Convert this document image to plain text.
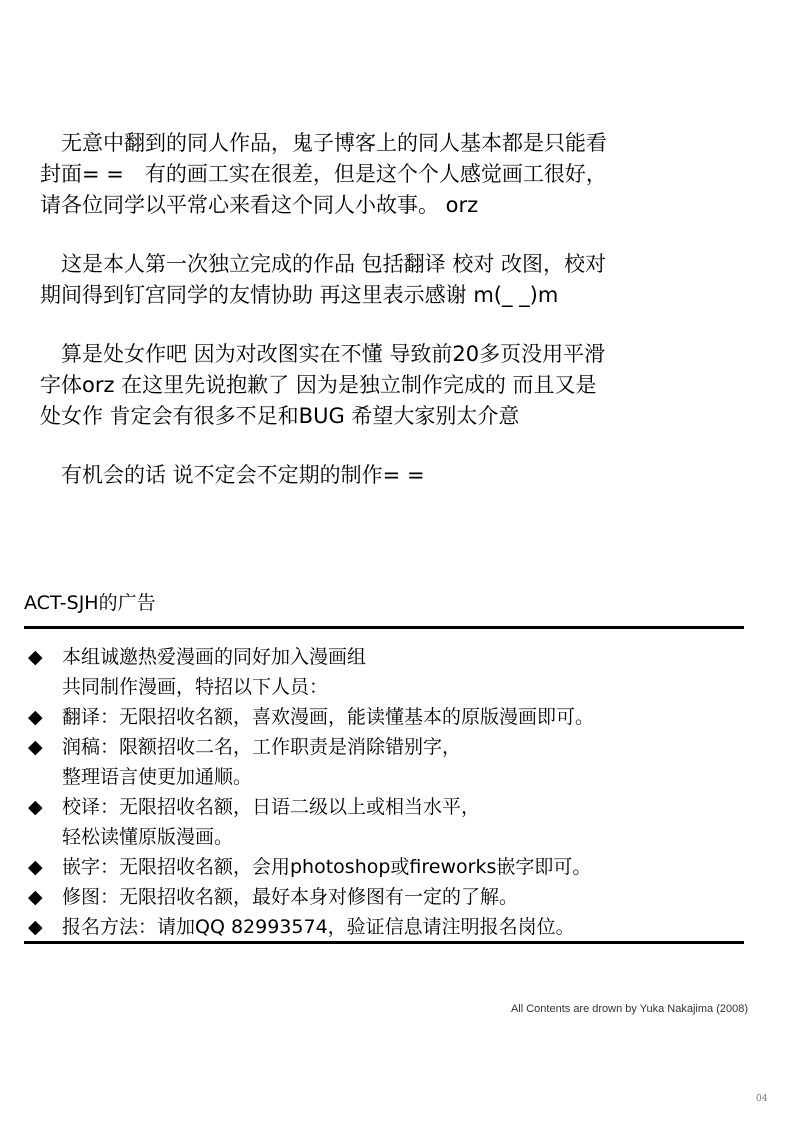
　无意中翻到的同人作品，鬼子博客上的同人基本都是只能看
封面= =　有的画工实在很差，但是这个个人感觉画工很好，
请各位同学以平常心来看这个同人小故事。 orz
　这是本人第一次独立完成的作品 包括翻译 校对 改图，校对
期间得到钉宫同学的友情协助 再这里表示感谢 m(_ _)m
　算是处女作吧 因为对改图实在不懂 导致前20多页没用平滑
字体orz 在这里先说抱歉了 因为是独立制作完成的 而且又是
处女作 肯定会有很多不足和BUG 希望大家别太介意
　有机会的话 说不定会不定期的制作= =
ACT-SJH的广告
◆	本组诚邀热爱漫画的同好加入漫画组
共同制作漫画，特招以下人员：
◆	翻译：无限招收名额，喜欢漫画，能读懂基本的原版漫画即可。
◆	润稿：限额招收二名，工作职责是消除错别字，
整理语言使更加通顺。
◆	校译：无限招收名额，日语二级以上或相当水平，
轻松读懂原版漫画。
◆	嵌字：无限招收名额，会用photoshop或fireworks嵌字即可。
◆	修图：无限招收名额，最好本身对修图有一定的了解。
◆	报名方法：请加QQ 82993574，验证信息请注明报名岗位。
All Contents are drown by Yuka Nakajima (2008)
04
